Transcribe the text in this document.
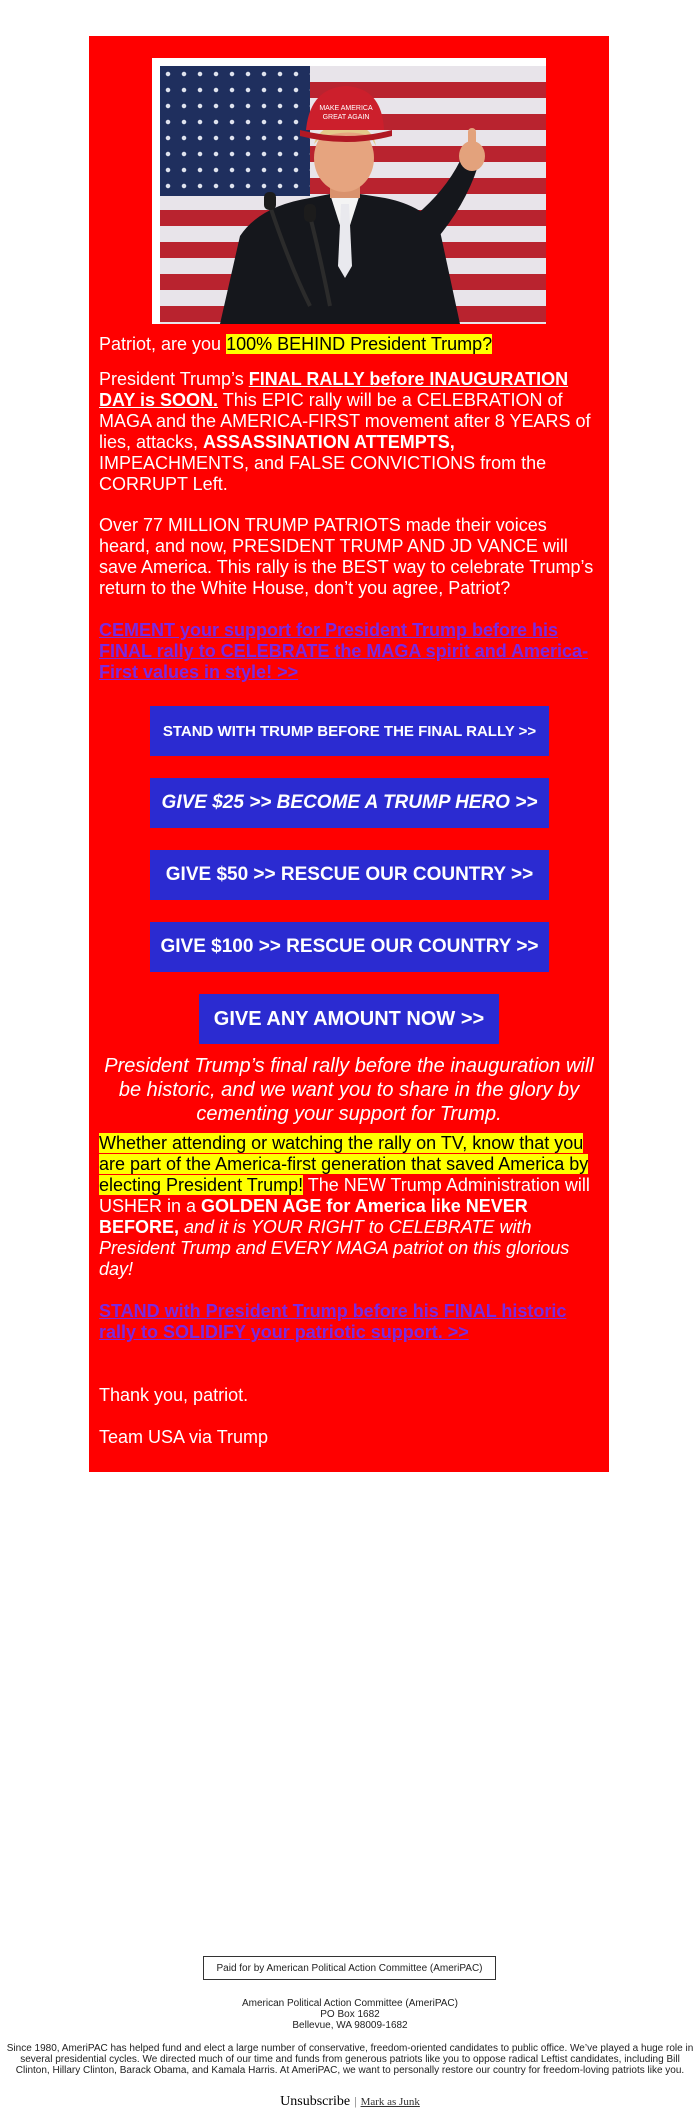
MAKE AMERICA
GREAT AGAIN
Patriot, are you 100% BEHIND President Trump?
President Trump’s FINAL RALLY before INAUGURATION DAY is SOON. This EPIC rally will be a CELEBRATION of MAGA and the AMERICA-FIRST movement after 8 YEARS of lies, attacks, ASSASSINATION ATTEMPTS, IMPEACHMENTS, and FALSE CONVICTIONS from the CORRUPT Left.
Over 77 MILLION TRUMP PATRIOTS made their voices heard, and now, PRESIDENT TRUMP AND JD VANCE will save America. This rally is the BEST way to celebrate Trump’s return to the White House, don’t you agree, Patriot?
CEMENT your support for President Trump before his FINAL rally to CELEBRATE the MAGA spirit and America-First values in style! >>
STAND WITH TRUMP BEFORE THE FINAL RALLY >>
GIVE $25 >> BECOME A TRUMP HERO >>
GIVE $50 >> RESCUE OUR COUNTRY >>
GIVE $100 >> RESCUE OUR COUNTRY >>
GIVE ANY AMOUNT NOW >>
President Trump’s final rally before the inauguration will be historic, and we want you to share in the glory by cementing your support for Trump.
Whether attending or watching the rally on TV, know that you are part of the America-first generation that saved America by electing President Trump! The NEW Trump Administration will USHER in a GOLDEN AGE for America like NEVER BEFORE, and it is YOUR RIGHT to CELEBRATE with President Trump and EVERY MAGA patriot on this glorious day!
STAND with President Trump before his FINAL historic rally to SOLIDIFY your patriotic support. >>
Thank you, patriot.
Team USA via Trump
Paid for by American Political Action Committee (AmeriPAC)
American Political Action Committee (AmeriPAC)
PO Box 1682
Bellevue, WA 98009-1682
Since 1980, AmeriPAC has helped fund and elect a large number of conservative, freedom-oriented candidates to public office. We’ve played a huge role in several presidential cycles. We directed much of our time and funds from generous patriots like you to oppose radical Leftist candidates, including Bill Clinton, Hillary Clinton, Barack Obama, and Kamala Harris. At AmeriPAC, we want to personally restore our country for freedom-loving patriots like you.
Unsubscribe | Mark as Junk
